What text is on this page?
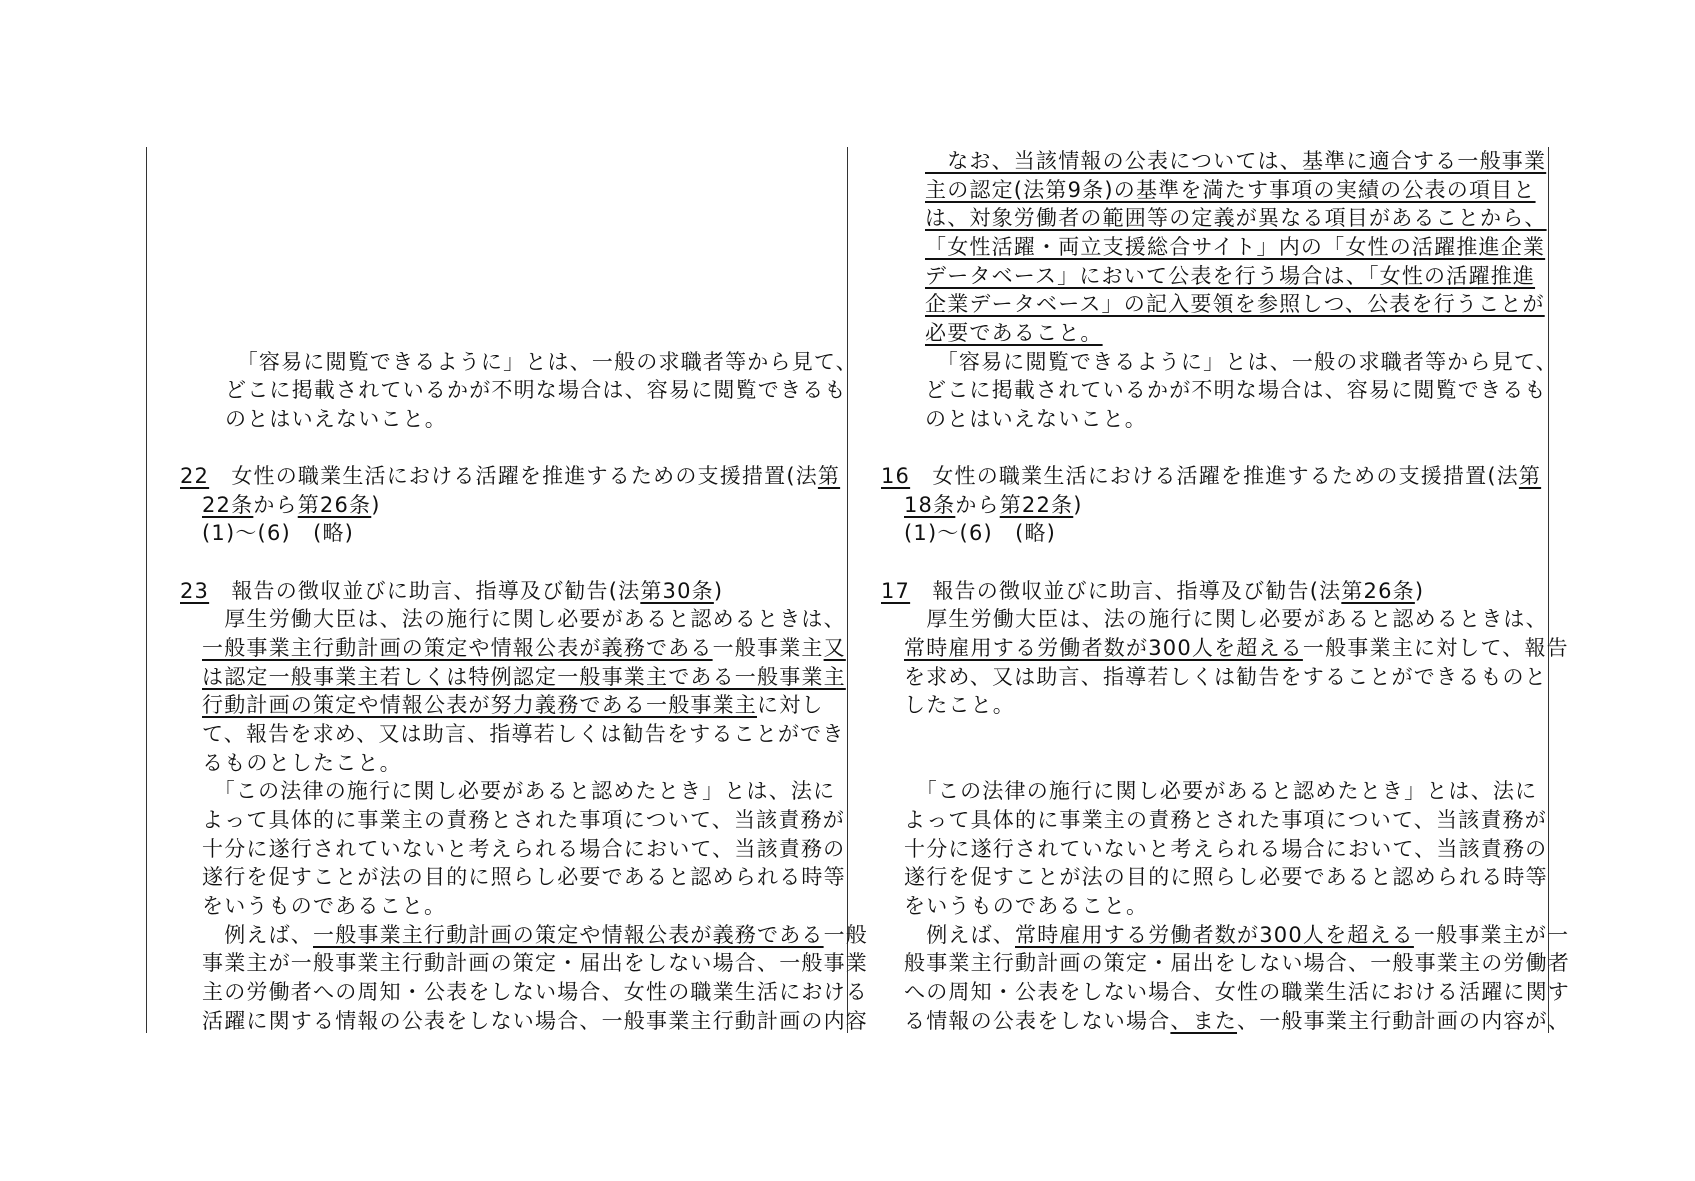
　「容易に閲覧できるように」とは、一般の求職者等から見て、
どこに掲載されているかが不明な場合は、容易に閲覧できるも
のとはいえないこと。
22　女性の職業生活における活躍を推進するための支援措置(法第
22条から第26条)
(1)～(6)　(略)
23　報告の徴収並びに助言、指導及び勧告(法第30条)
　厚生労働大臣は、法の施行に関し必要があると認めるときは、
一般事業主行動計画の策定や情報公表が義務である一般事業主又
は認定一般事業主若しくは特例認定一般事業主である一般事業主
行動計画の策定や情報公表が努力義務である一般事業主に対し
て、報告を求め、又は助言、指導若しくは勧告をすることができ
るものとしたこと。
　「この法律の施行に関し必要があると認めたとき」とは、法に
よって具体的に事業主の責務とされた事項について、当該責務が
十分に遂行されていないと考えられる場合において、当該責務の
遂行を促すことが法の目的に照らし必要であると認められる時等
をいうものであること。
　例えば、一般事業主行動計画の策定や情報公表が義務である一般
事業主が一般事業主行動計画の策定・届出をしない場合、一般事業
主の労働者への周知・公表をしない場合、女性の職業生活における
活躍に関する情報の公表をしない場合、一般事業主行動計画の内容
　なお、当該情報の公表については、基準に適合する一般事業
主の認定(法第9条)の基準を満たす事項の実績の公表の項目と
は、対象労働者の範囲等の定義が異なる項目があることから、
「女性活躍・両立支援総合サイト」内の「女性の活躍推進企業
データベース」において公表を行う場合は、「女性の活躍推進
企業データベース」の記入要領を参照しつ、公表を行うことが
必要であること。
　「容易に閲覧できるように」とは、一般の求職者等から見て、
どこに掲載されているかが不明な場合は、容易に閲覧できるも
のとはいえないこと。
16　女性の職業生活における活躍を推進するための支援措置(法第
18条から第22条)
(1)～(6)　(略)
17　報告の徴収並びに助言、指導及び勧告(法第26条)
　厚生労働大臣は、法の施行に関し必要があると認めるときは、
常時雇用する労働者数が300人を超える一般事業主に対して、報告
を求め、又は助言、指導若しくは勧告をすることができるものと
したこと。
　「この法律の施行に関し必要があると認めたとき」とは、法に
よって具体的に事業主の責務とされた事項について、当該責務が
十分に遂行されていないと考えられる場合において、当該責務の
遂行を促すことが法の目的に照らし必要であると認められる時等
をいうものであること。
　例えば、常時雇用する労働者数が300人を超える一般事業主が一
般事業主行動計画の策定・届出をしない場合、一般事業主の労働者
への周知・公表をしない場合、女性の職業生活における活躍に関す
る情報の公表をしない場合、また、一般事業主行動計画の内容が、
